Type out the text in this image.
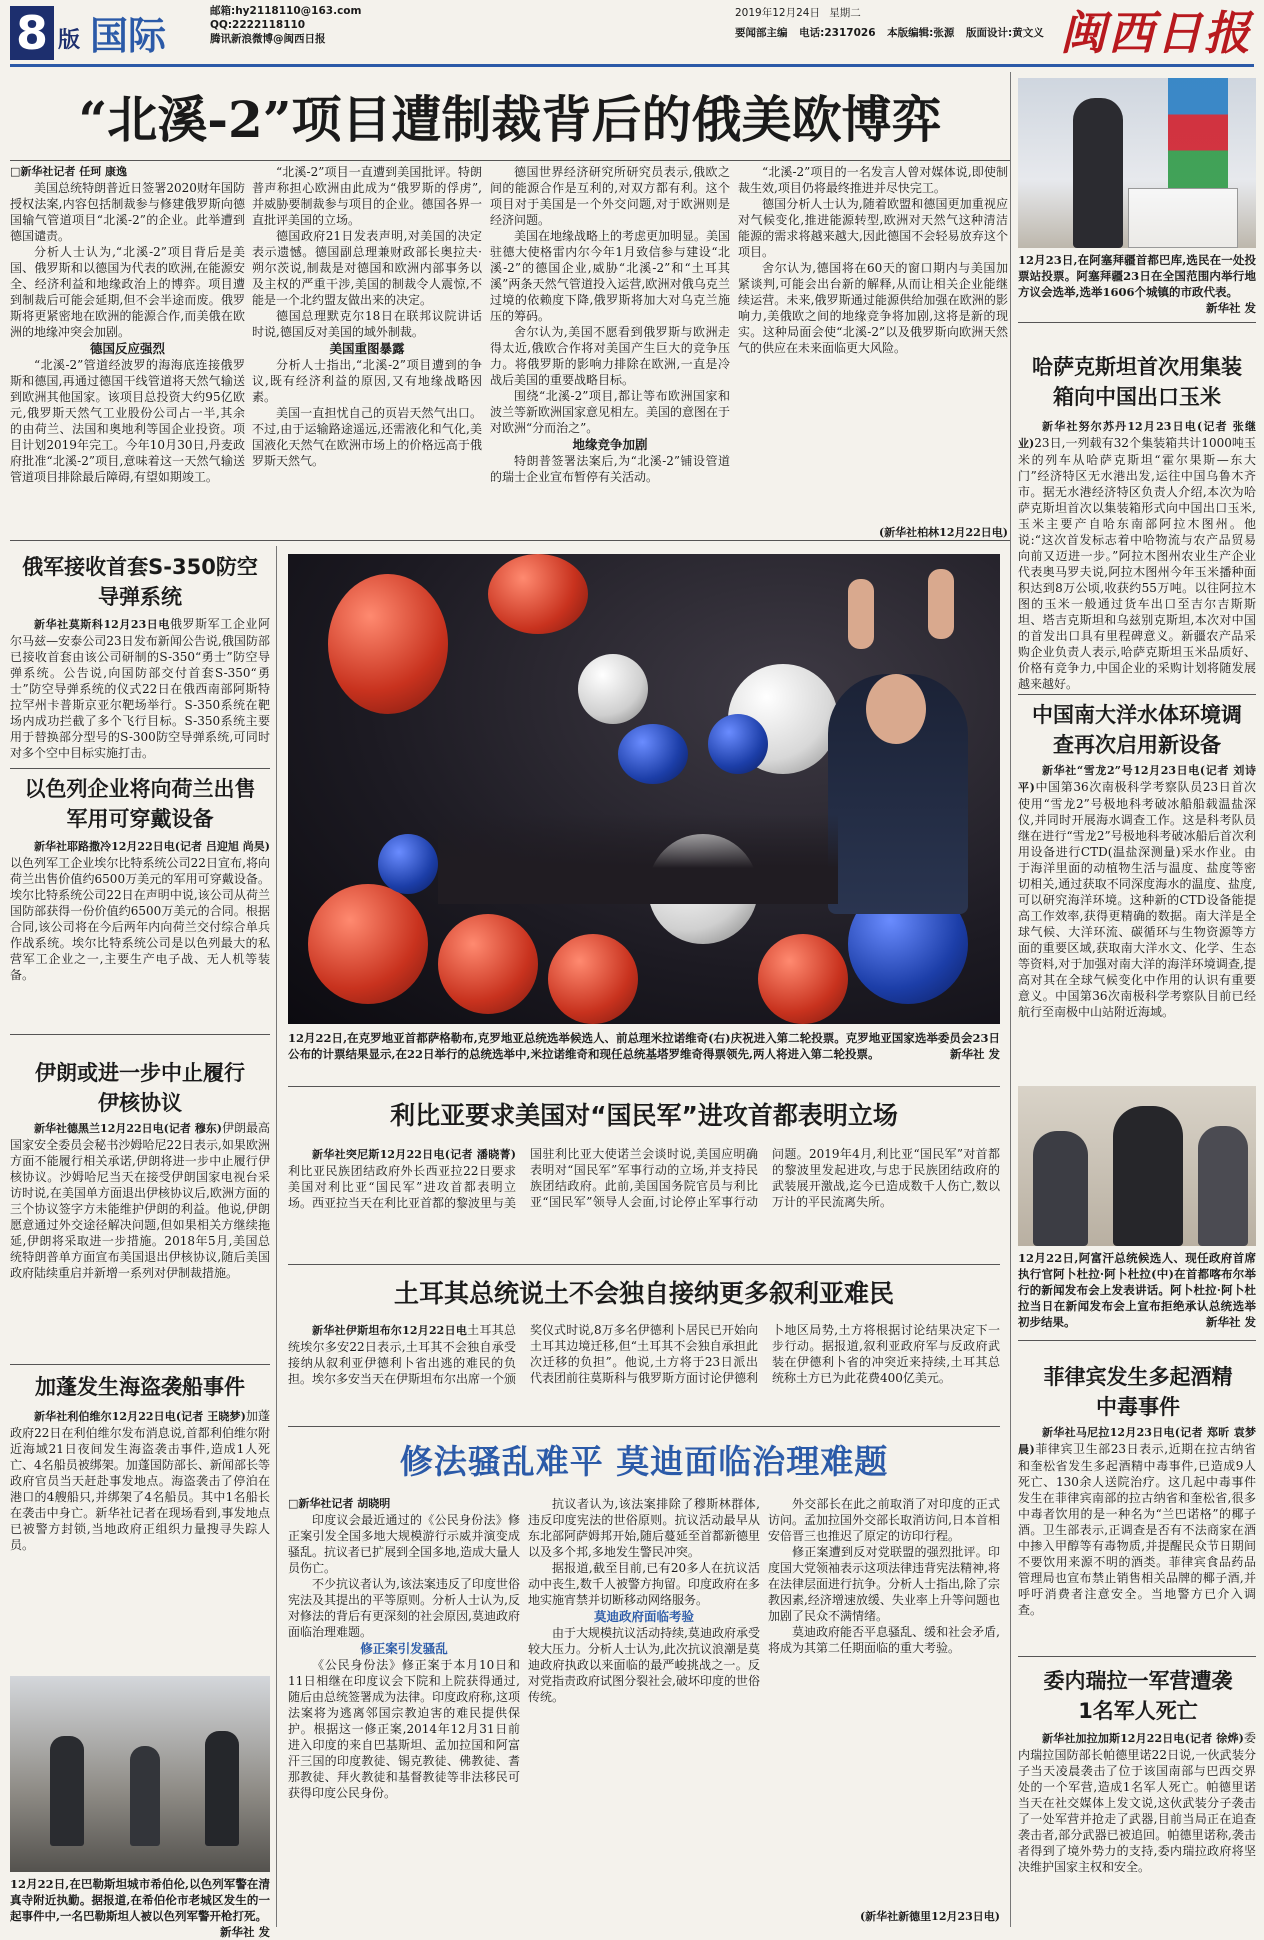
8 版 国际
邮箱:hy2118110@163.com
QQ:2222118110
腾讯新浪微博@闽西日报
2019年12月24日 星期二
要闻部主编 电话:2317026 本版编辑:张源 版面设计:黄文义 闽西日报
“北溪-2”项目遭制裁背后的俄美欧博弈
□新华社记者 任珂 康逸

美国总统特朗普近日签署2020财年国防授权法案,内容包括制裁参与修建俄罗斯向德国输气管道项目“北溪-2”的企业。此举遭到德国谴责。

分析人士认为,“北溪-2”项目背后是美国、俄罗斯和以德国为代表的欧洲,在能源安全、经济利益和地缘政治上的博弈。项目遭到制裁后可能会延期,但不会半途而废。俄罗斯将更紧密地在欧洲的能源合作,而美俄在欧洲的地缘冲突会加剧。

德国反应强烈

“北溪-2”管道经波罗的海海底连接俄罗斯和德国,再通过德国干线管道将天然气输送到欧洲其他国家。该项目总投资大约95亿欧元,俄罗斯天然气工业股份公司占一半,其余的由荷兰、法国和奥地利等国企业投资。项目计划2019年完工。今年10月30日,丹麦政府批准“北溪-2”项目,意味着这一天然气输送管道项目排除最后障碍,有望如期竣工。

“北溪-2”项目一直遭到美国批评。特朗普声称担心欧洲由此成为“俄罗斯的俘虏”,并威胁要制裁参与项目的企业。德国各界一直批评美国的立场。

德国政府21日发表声明,对美国的决定表示遗憾。德国副总理兼财政部长奥拉夫·朔尔茨说,制裁是对德国和欧洲内部事务以及主权的严重干涉,美国的制裁令人震惊,不能是一个北约盟友做出来的决定。

德国总理默克尔18日在联邦议院讲话时说,德国反对美国的域外制裁。

美国重图暴露

分析人士指出,“北溪-2”项目遭到的争议,既有经济利益的原因,又有地缘战略因素。

美国一直担忧自己的页岩天然气出口。不过,由于运输路途遥远,还需液化和气化,美国液化天然气在欧洲市场上的价格远高于俄罗斯天然气。

德国世界经济研究所研究员表示,俄欧之间的能源合作是互利的,对双方都有利。这个项目对于美国是一个外交问题,对于欧洲则是经济问题。

美国在地缘战略上的考虑更加明显。美国驻德大使格雷内尔今年1月致信参与建设“北溪-2”的德国企业,威胁“北溪-2”和“土耳其溪”两条天然气管道投入运营,欧洲对俄乌克兰过境的依赖度下降,俄罗斯将加大对乌克兰施压的筹码。

舍尔认为,美国不愿看到俄罗斯与欧洲走得太近,俄欧合作将对美国产生巨大的竞争压力。将俄罗斯的影响力排除在欧洲,一直是冷战后美国的重要战略目标。

围绕“北溪-2”项目,都让等布欧洲国家和波兰等新欧洲国家意见相左。美国的意图在于对欧洲“分而治之”。

地缘竞争加剧

特朗普签署法案后,为“北溪-2”铺设管道的瑞士企业宣布暂停有关活动。

“北溪-2”项目的一名发言人曾对媒体说,即使制裁生效,项目仍将最终推进并尽快完工。

德国分析人士认为,随着欧盟和德国更加重视应对气候变化,推进能源转型,欧洲对天然气这种清洁能源的需求将越来越大,因此德国不会轻易放弃这个项目。

舍尔认为,德国将在60天的窗口期内与美国加紧谈判,可能会出台新的解释,从而让相关企业能继续运营。未来,俄罗斯通过能源供给加强在欧洲的影响力,美俄欧之间的地缘竞争将加剧,这将是新的现实。这种局面会使“北溪-2”以及俄罗斯向欧洲天然气的供应在未来面临更大风险。

(新华社柏林12月22日电)
12月23日,在阿塞拜疆首都巴库,选民在一处投票站投票。阿塞拜疆23日在全国范围内举行地方议会选举,选举1606个城镇的市政代表。
新华社 发
哈萨克斯坦首次用集装箱向中国出口玉米

新华社努尔苏丹12月23日电(记者 张继业)23日,一列载有32个集装箱共计1000吨玉米的列车从哈萨克斯坦“霍尔果斯—东大门”经济特区无水港出发,运往中国乌鲁木齐市。据无水港经济特区负责人介绍,本次为哈萨克斯坦首次以集装箱形式向中国出口玉米,玉米主要产自哈东南部阿拉木图州。他说:“这次首发标志着中哈物流与农产品贸易向前又迈进一步。”阿拉木图州农业生产企业代表奥马罗夫说,阿拉木图州今年玉米播种面积达到8万公顷,收获约55万吨。以往阿拉木图的玉米一般通过货车出口至吉尔吉斯斯坦、塔吉克斯坦和乌兹别克斯坦,本次对中国的首发出口具有里程碑意义。新疆农产品采购企业负责人表示,哈萨克斯坦玉米品质好、价格有竞争力,中国企业的采购计划将随发展越来越好。

中国南大洋水体环境调查再次启用新设备

新华社“雪龙2”号12月23日电(记者 刘诗平)中国第36次南极科学考察队员23日首次使用“雪龙2”号极地科考破冰船船载温盐深仪,并同时开展海水调查工作。这是科考队员继在进行“雪龙2”号极地科考破冰船后首次利用设备进行CTD(温盐深测量)采水作业。由于海洋里面的动植物生活与温度、盐度等密切相关,通过获取不同深度海水的温度、盐度,可以研究海洋环境。这种新的CTD设备能提高工作效率,获得更精确的数据。南大洋是全球气候、大洋环流、碳循环与生物资源等方面的重要区域,获取南大洋水文、化学、生态等资料,对于加强对南大洋的海洋环境调查,提高对其在全球气候变化中作用的认识有重要意义。中国第36次南极科学考察队目前已经航行至南极中山站附近海域。

12月22日,阿富汗总统候选人、现任政府首席执行官阿卜杜拉·阿卜杜拉(中)在首都喀布尔举行的新闻发布会上发表讲话。阿卜杜拉·阿卜杜拉当日在新闻发布会上宣布拒绝承认总统选举初步结果。	新华社 发
菲律宾发生多起酒精中毒事件

新华社马尼拉12月23日电(记者 郑昕 袁梦晨)菲律宾卫生部23日表示,近期在拉古纳省和奎松省发生多起酒精中毒事件,已造成9人死亡、130余人送院治疗。这几起中毒事件发生在菲律宾南部的拉古纳省和奎松省,很多中毒者饮用的是一种名为“兰巴诺格”的椰子酒。卫生部表示,正调查是否有不法商家在酒中掺入甲醇等有毒物质,并提醒民众节日期间不要饮用来源不明的酒类。菲律宾食品药品管理局也宣布禁止销售相关品牌的椰子酒,并呼吁消费者注意安全。当地警方已介入调查。

委内瑞拉一军营遭袭1名军人死亡

新华社加拉加斯12月22日电(记者 徐烨)委内瑞拉国防部长帕德里诺22日说,一伙武装分子当天凌晨袭击了位于该国南部与巴西交界处的一个军营,造成1名军人死亡。帕德里诺当天在社交媒体上发文说,这伙武装分子袭击了一处军营并抢走了武器,目前当局正在追查袭击者,部分武器已被追回。帕德里诺称,袭击者得到了境外势力的支持,委内瑞拉政府将坚决维护国家主权和安全。

俄军接收首套S-350防空导弹系统

新华社莫斯科12月23日电俄罗斯军工企业阿尔马兹—安泰公司23日发布新闻公告说,俄国防部已接收首套由该公司研制的S-350“勇士”防空导弹系统。公告说,向国防部交付首套S-350“勇士”防空导弹系统的仪式22日在俄西南部阿斯特拉罕州卡普斯京亚尔靶场举行。S-350系统在靶场内成功拦截了多个飞行目标。S-350系统主要用于替换部分型号的S-300防空导弹系统,可同时对多个空中目标实施打击。

以色列企业将向荷兰出售军用可穿戴设备

新华社耶路撒冷12月22日电(记者 吕迎旭 尚昊)以色列军工企业埃尔比特系统公司22日宣布,将向荷兰出售价值约6500万美元的军用可穿戴设备。埃尔比特系统公司22日在声明中说,该公司从荷兰国防部获得一份价值约6500万美元的合同。根据合同,该公司将在今后两年内向荷兰交付综合单兵作战系统。埃尔比特系统公司是以色列最大的私营军工企业之一,主要生产电子战、无人机等装备。

伊朗或进一步中止履行伊核协议

新华社德黑兰12月22日电(记者 穆东)伊朗最高国家安全委员会秘书沙姆哈尼22日表示,如果欧洲方面不能履行相关承诺,伊朗将进一步中止履行伊核协议。沙姆哈尼当天在接受伊朗国家电视台采访时说,在美国单方面退出伊核协议后,欧洲方面的三个协议签字方未能维护伊朗的利益。他说,伊朗愿意通过外交途径解决问题,但如果相关方继续拖延,伊朗将采取进一步措施。2018年5月,美国总统特朗普单方面宣布美国退出伊核协议,随后美国政府陆续重启并新增一系列对伊制裁措施。

加蓬发生海盗袭船事件

新华社利伯维尔12月22日电(记者 王晓梦)加蓬政府22日在利伯维尔发布消息说,首都利伯维尔附近海域21日夜间发生海盗袭击事件,造成1人死亡、4名船员被绑架。加蓬国防部长、新闻部长等政府官员当天赶赴事发地点。海盗袭击了停泊在港口的4艘船只,并绑架了4名船员。其中1名船长在袭击中身亡。新华社记者在现场看到,事发地点已被警方封锁,当地政府正组织力量搜寻失踪人员。

12月22日,在巴勒斯坦城市希伯伦,以色列军警在清真寺附近执勤。据报道,在希伯伦市老城区发生的一起事件中,一名巴勒斯坦人被以色列军警开枪打死。
新华社 发
12月22日,在克罗地亚首都萨格勒布,克罗地亚总统选举候选人、前总理米拉诺维奇(右)庆祝进入第二轮投票。克罗地亚国家选举委员会23日公布的计票结果显示,在22日举行的总统选举中,米拉诺维奇和现任总统基塔罗维奇得票领先,两人将进入第二轮投票。	新华社 发
利比亚要求美国对“国民军”进攻首都表明立场

新华社突尼斯12月22日电(记者 潘晓菁)利比亚民族团结政府外长西亚拉22日要求美国对利比亚“国民军”进攻首都表明立场。西亚拉当天在利比亚首都的黎波里与美国驻利比亚大使诺兰会谈时说,美国应明确表明对“国民军”军事行动的立场,并支持民族团结政府。此前,美国国务院官员与利比亚“国民军”领导人会面,讨论停止军事行动问题。2019年4月,利比亚“国民军”对首都的黎波里发起进攻,与忠于民族团结政府的武装展开激战,迄今已造成数千人伤亡,数以万计的平民流离失所。

土耳其总统说土不会独自接纳更多叙利亚难民

新华社伊斯坦布尔12月22日电土耳其总统埃尔多安22日表示,土耳其不会独自承受接纳从叙利亚伊德利卜省出逃的难民的负担。埃尔多安当天在伊斯坦布尔出席一个颁奖仪式时说,8万多名伊德利卜居民已开始向土耳其边境迁移,但“土耳其不会独自承担此次迁移的负担”。他说,土方将于23日派出代表团前往莫斯科与俄罗斯方面讨论伊德利卜地区局势,土方将根据讨论结果决定下一步行动。据报道,叙利亚政府军与反政府武装在伊德利卜省的冲突近来持续,土耳其总统称土方已为此花费400亿美元。

修法骚乱难平 莫迪面临治理难题
□新华社记者 胡晓明

印度议会最近通过的《公民身份法》修正案引发全国多地大规模游行示威并演变成骚乱。抗议者已扩展到全国多地,造成大量人员伤亡。

不少抗议者认为,该法案违反了印度世俗宪法及其提出的平等原则。分析人士认为,反对修法的背后有更深刻的社会原因,莫迪政府面临治理难题。

修正案引发骚乱

《公民身份法》修正案于本月10日和11日相继在印度议会下院和上院获得通过,随后由总统签署成为法律。印度政府称,这项法案将为逃离邻国宗教迫害的难民提供保护。根据这一修正案,2014年12月31日前进入印度的来自巴基斯坦、孟加拉国和阿富汗三国的印度教徒、锡克教徒、佛教徒、耆那教徒、拜火教徒和基督教徒等非法移民可获得印度公民身份。

抗议者认为,该法案排除了穆斯林群体,违反印度宪法的世俗原则。抗议活动最早从东北部阿萨姆邦开始,随后蔓延至首都新德里以及多个邦,多地发生警民冲突。

据报道,截至目前,已有20多人在抗议活动中丧生,数千人被警方拘留。印度政府在多地实施宵禁并切断移动网络服务。

莫迪政府面临考验

由于大规模抗议活动持续,莫迪政府承受较大压力。分析人士认为,此次抗议浪潮是莫迪政府执政以来面临的最严峻挑战之一。反对党指责政府试图分裂社会,破坏印度的世俗传统。

外交部长在此之前取消了对印度的正式访问。孟加拉国外交部长取消访问,日本首相安倍晋三也推迟了原定的访印行程。

修正案遭到反对党联盟的强烈批评。印度国大党领袖表示这项法律违背宪法精神,将在法律层面进行抗争。分析人士指出,除了宗教因素,经济增速放缓、失业率上升等问题也加剧了民众不满情绪。

莫迪政府能否平息骚乱、缓和社会矛盾,将成为其第二任期面临的重大考验。

(新华社新德里12月23日电)
